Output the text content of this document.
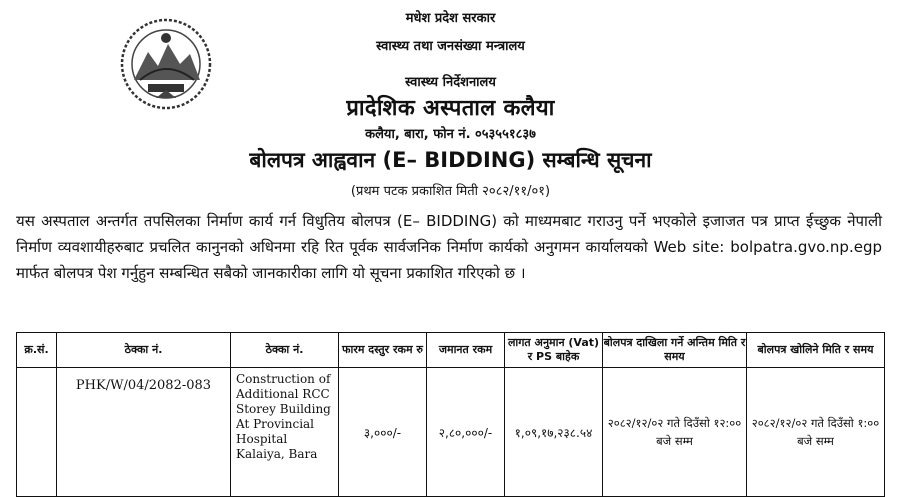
मधेश प्रदेश सरकार
स्वास्थ्य तथा जनसंख्या मन्त्रालय
स्वास्थ्य निर्देशनालय
प्रादेशिक अस्पताल कलैया
कलैया, बारा, फोन नं. ०५३५५१८३७
बोलपत्र आह्ववान (E– BIDDING) सम्बन्धि सूचना
(प्रथम पटक प्रकाशित मिती २०८२/११/०१)
यस अस्पताल अन्तर्गत तपसिलका निर्माण कार्य गर्न विधुतिय बोलपत्र (E– BIDDING) को माध्यमबाट गराउनु पर्ने भएकोले इजाजत पत्र प्राप्त ईच्छुक नेपाली निर्माण व्यवशायीहरुबाट प्रचलित कानुनको अधिनमा रहि रित पूर्वक सार्वजनिक निर्माण कार्यको अनुगमन कार्यालयको Web site: bolpatra.gvo.np.egp मार्फत बोलपत्र पेश गर्नुहुन सम्बन्धित सबैको जानकारीका लागि यो सूचना प्रकाशित गरिएको छ ।
क्र.सं.	ठेक्का नं.	ठेक्का नं.	फारम दस्तुर रकम रु	जमानत रकम	लागत अनुमान (Vat) र PS बाहेक	बोलपत्र दाखिला गर्ने अन्तिम मिति र समय	बोलपत्र खोलिने मिति र समय
	PHK/W/04/2082-083	Construction of Additional RCC Storey Building At Provincial Hospital Kalaiya, Bara	३,०००/-	२,८०,०००/-	१,०९,१७,२३८.५४	२०८२/१२/०२ गते दिउँसो १२:०० बजे सम्म	२०८२/१२/०२ गते दिउँसो १:०० बजे सम्म
